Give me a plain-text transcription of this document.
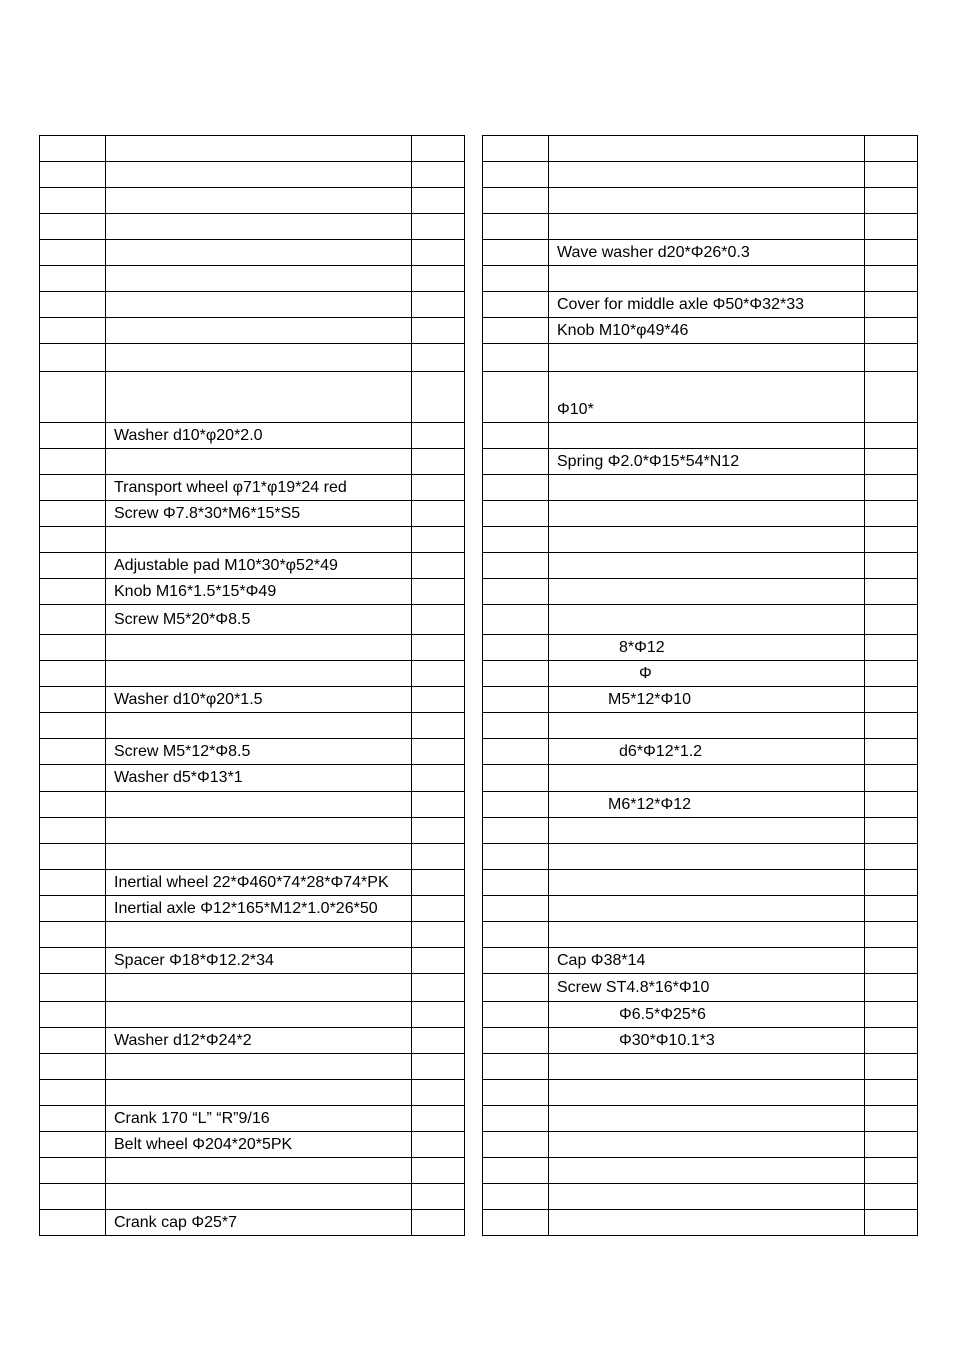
	Washer d10*φ20*2.0	

	Transport wheel φ71*φ19*24 red	
	Screw Φ7.8*30*M6*15*S5	

	Adjustable pad M10*30*φ52*49	
	Knob M16*1.5*15*Φ49	
	Screw M5*20*Φ8.5	

	Washer d10*φ20*1.5	

	Screw M5*12*Φ8.5	
	Washer d5*Φ13*1	

	Inertial wheel 22*Φ460*74*28*Φ74*PK	
	Inertial axle Φ12*165*M12*1.0*26*50	

	Spacer Φ18*Φ12.2*34	

	Washer d12*Φ24*2	

	Crank 170 “L” “R”9/16	
	Belt wheel Φ204*20*5PK	

	Crank cap Φ25*7	

	Wave washer d20*Φ26*0.3	

	Cover for middle axle Φ50*Φ32*33	
	Knob M10*φ49*46	

	Φ10*	

	Spring Φ2.0*Φ15*54*N12	

	8*Φ12	
	Φ	
	M5*12*Φ10	

	d6*Φ12*1.2	

	M6*12*Φ12	

	Cap Φ38*14	
	Screw ST4.8*16*Φ10	
	Φ6.5*Φ25*6	
	Φ30*Φ10.1*3	
